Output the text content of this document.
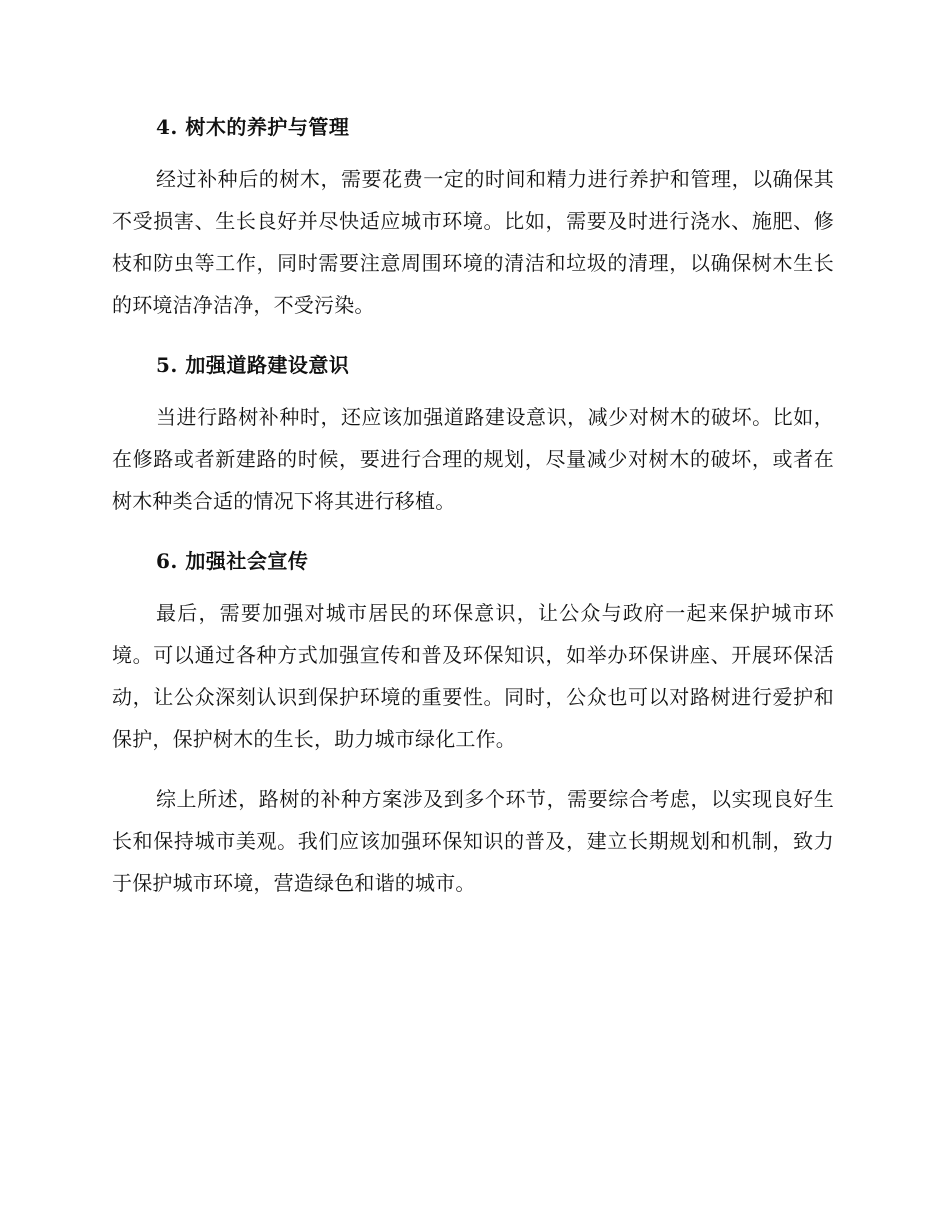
4. 树木的养护与管理

经过补种后的树木，需要花费一定的时间和精力进行养护和管理，以确保其不受损害、生长良好并尽快适应城市环境。比如，需要及时进行浇水、施肥、修枝和防虫等工作，同时需要注意周围环境的清洁和垃圾的清理，以确保树木生长的环境洁净洁净，不受污染。

5. 加强道路建设意识

当进行路树补种时，还应该加强道路建设意识，减少对树木的破坏。比如，在修路或者新建路的时候，要进行合理的规划，尽量减少对树木的破坏，或者在树木种类合适的情况下将其进行移植。

6. 加强社会宣传

最后，需要加强对城市居民的环保意识，让公众与政府一起来保护城市环境。可以通过各种方式加强宣传和普及环保知识，如举办环保讲座、开展环保活动，让公众深刻认识到保护环境的重要性。同时，公众也可以对路树进行爱护和保护，保护树木的生长，助力城市绿化工作。

综上所述，路树的补种方案涉及到多个环节，需要综合考虑，以实现良好生长和保持城市美观。我们应该加强环保知识的普及，建立长期规划和机制，致力于保护城市环境，营造绿色和谐的城市。
